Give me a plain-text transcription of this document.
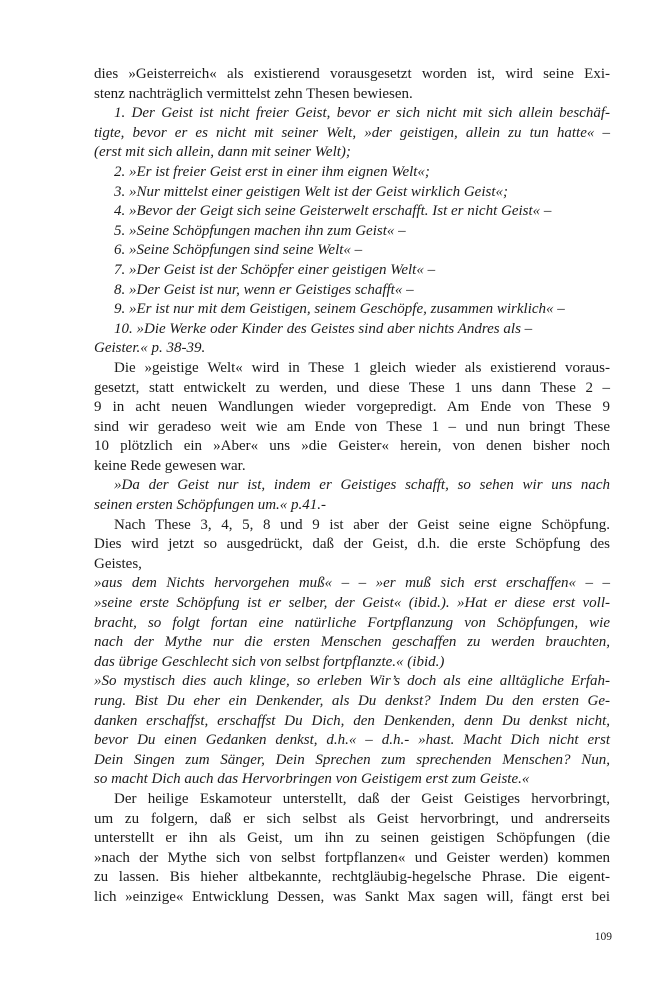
dies »Geisterreich« als existierend vorausgesetzt worden ist, wird seine Exi-
stenz nachträglich vermittelst zehn Thesen bewiesen.
1. Der Geist ist nicht freier Geist, bevor er sich nicht mit sich allein beschäf-
tigte, bevor er es nicht mit seiner Welt, »der geistigen, allein zu tun hatte« –
(erst mit sich allein, dann mit seiner Welt);
2. »Er ist freier Geist erst in einer ihm eignen Welt«;
3. »Nur mittelst einer geistigen Welt ist der Geist wirklich Geist«;
4. »Bevor der Geigt sich seine Geisterwelt erschafft. Ist er nicht Geist« –
5. »Seine Schöpfungen machen ihn zum Geist« –
6. »Seine Schöpfungen sind seine Welt« –
7. »Der Geist ist der Schöpfer einer geistigen Welt« –
8. »Der Geist ist nur, wenn er Geistiges schafft« –
9. »Er ist nur mit dem Geistigen, seinem Geschöpfe, zusammen wirklich« –
10. »Die Werke oder Kinder des Geistes sind aber nichts Andres als –
Geister.« p. 38-39.
Die »geistige Welt« wird in These 1 gleich wieder als existierend voraus-
gesetzt, statt entwickelt zu werden, und diese These 1 uns dann These 2 –
9 in acht neuen Wandlungen wieder vorgepredigt. Am Ende von These 9
sind wir geradeso weit wie am Ende von These 1 – und nun bringt These
10 plötzlich ein »Aber« uns »die Geister« herein, von denen bisher noch
keine Rede gewesen war.
»Da der Geist nur ist, indem er Geistiges schafft, so sehen wir uns nach
seinen ersten Schöpfungen um.« p.41.-
Nach These 3, 4, 5, 8 und 9 ist aber der Geist seine eigne Schöpfung.
Dies wird jetzt so ausgedrückt, daß der Geist, d.h. die erste Schöpfung des
Geistes,
»aus dem Nichts hervorgehen muß« – – »er muß sich erst erschaffen« – –
»seine erste Schöpfung ist er selber, der Geist« (ibid.). »Hat er diese erst voll-
bracht, so folgt fortan eine natürliche Fortpflanzung von Schöpfungen, wie
nach der Mythe nur die ersten Menschen geschaffen zu werden brauchten,
das übrige Geschlecht sich von selbst fortpflanzte.« (ibid.)
»So mystisch dies auch klinge, so erleben Wir’s doch als eine alltägliche Erfah-
rung. Bist Du eher ein Denkender, als Du denkst? Indem Du den ersten Ge-
danken erschaffst, erschaffst Du Dich, den Denkenden, denn Du denkst nicht,
bevor Du einen Gedanken denkst, d.h.« – d.h.- »hast. Macht Dich nicht erst
Dein Singen zum Sänger, Dein Sprechen zum sprechenden Menschen? Nun,
so macht Dich auch das Hervorbringen von Geistigem erst zum Geiste.«
Der heilige Eskamoteur unterstellt, daß der Geist Geistiges hervorbringt,
um zu folgern, daß er sich selbst als Geist hervorbringt, und andrerseits
unterstellt er ihn als Geist, um ihn zu seinen geistigen Schöpfungen (die
»nach der Mythe sich von selbst fortpflanzen« und Geister werden) kommen
zu lassen. Bis hieher altbekannte, rechtgläubig-hegelsche Phrase. Die eigent-
lich »einzige« Entwicklung Dessen, was Sankt Max sagen will, fängt erst bei
109
